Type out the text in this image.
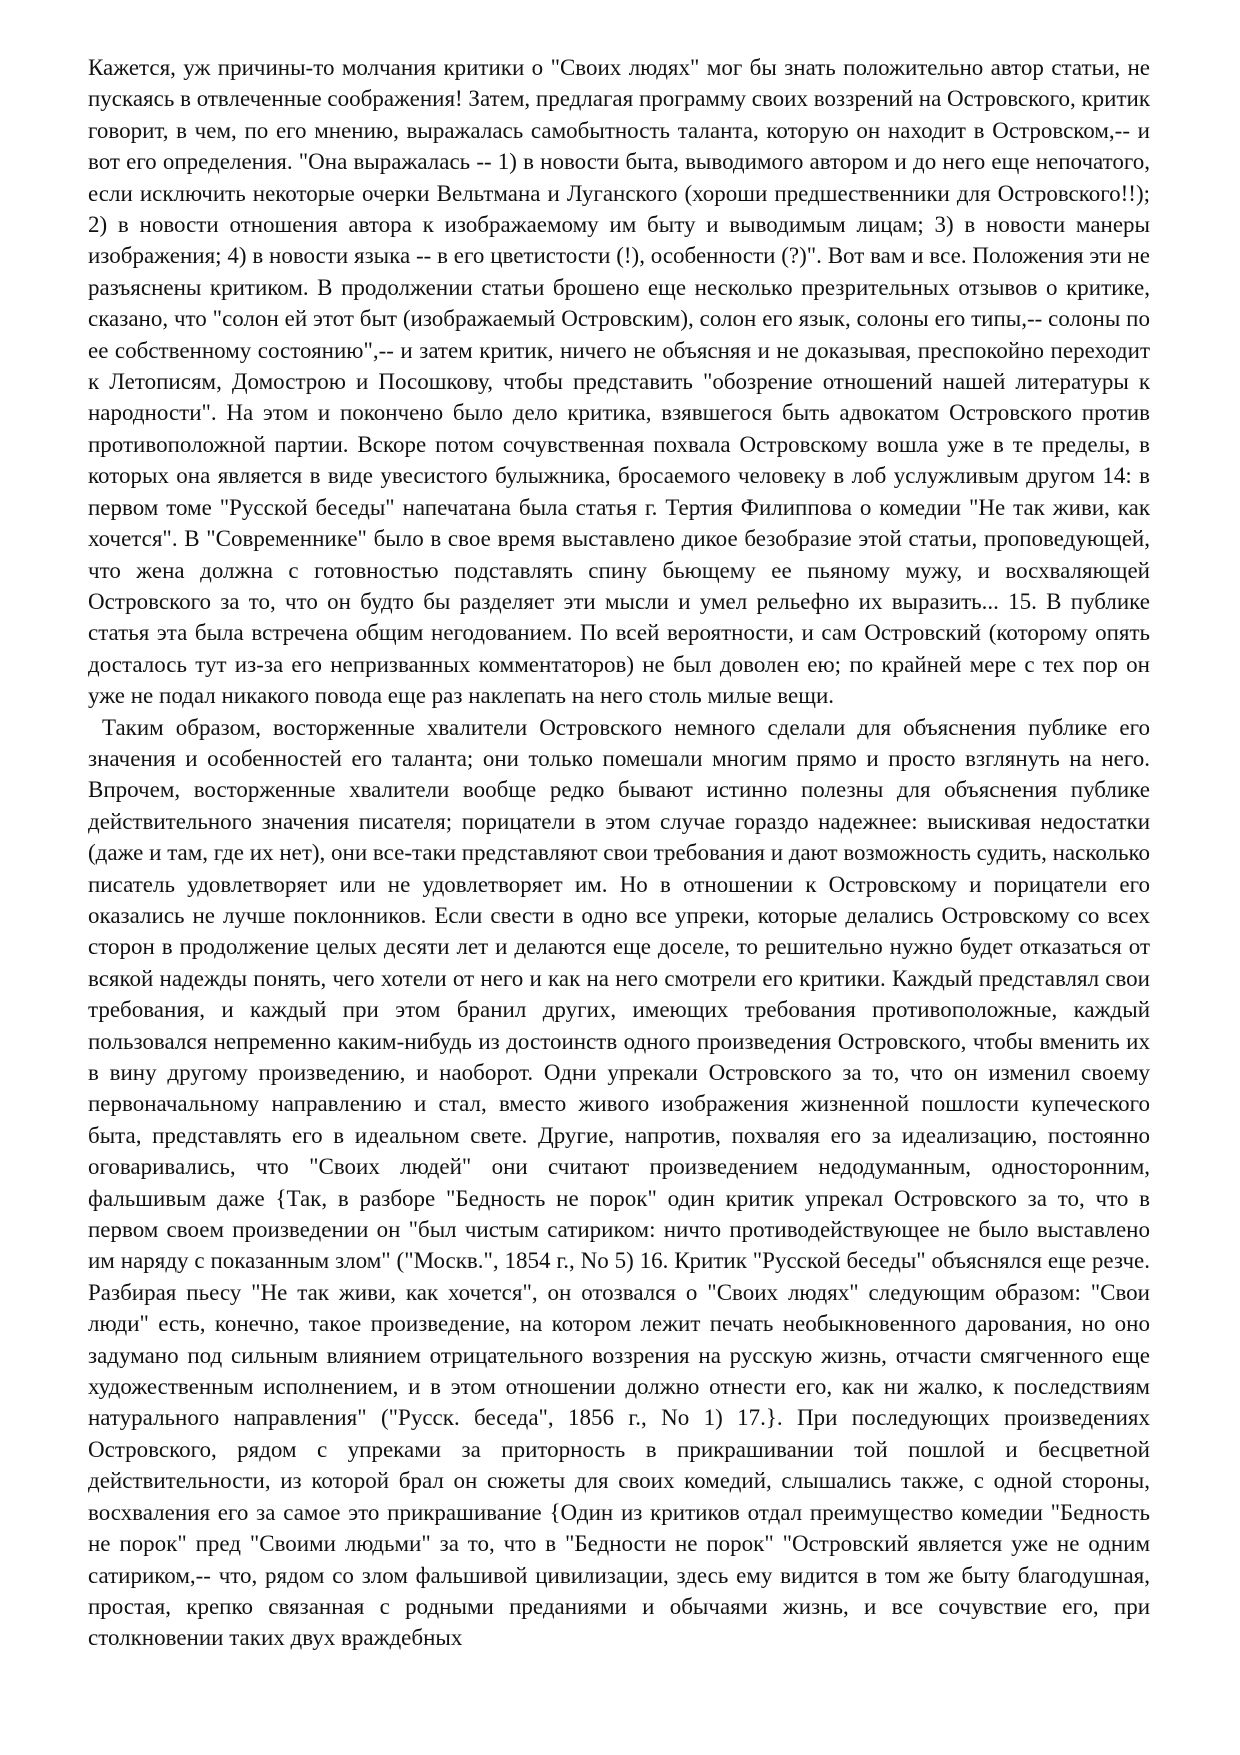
Кажется, уж причины-то молчания критики о "Своих людях" мог бы знать положительно автор статьи, не пускаясь в отвлеченные соображения! Затем, предлагая программу своих воззрений на Островского, критик говорит, в чем, по его мнению, выражалась самобытность таланта, которую он находит в Островском,-- и вот его определения. "Она выражалась -- 1) в новости быта, выводимого автором и до него еще непочатого, если исключить некоторые очерки Вельтмана и Луганского (хороши предшественники для Островского!!); 2) в новости отношения автора к изображаемому им быту и выводимым лицам; 3) в новости манеры изображения; 4) в новости языка -- в его цветистости (!), особенности (?)". Вот вам и все. Положения эти не разъяснены критиком. В продолжении статьи брошено еще несколько презрительных отзывов о критике, сказано, что "солон ей этот быт (изображаемый Островским), солон его язык, солоны его типы,-- солоны по ее собственному состоянию",-- и затем критик, ничего не объясняя и не доказывая, преспокойно переходит к Летописям, Домострою и Посошкову, чтобы представить "обозрение отношений нашей литературы к народности". На этом и покончено было дело критика, взявшегося быть адвокатом Островского против противоположной партии. Вскоре потом сочувственная похвала Островскому вошла уже в те пределы, в которых она является в виде увесистого булыжника, бросаемого человеку в лоб услужливым другом 14: в первом томе "Русской беседы" напечатана была статья г. Тертия Филиппова о комедии "Не так живи, как хочется". В "Современнике" было в свое время выставлено дикое безобразие этой статьи, проповедующей, что жена должна с готовностью подставлять спину бьющему ее пьяному мужу, и восхваляющей Островского за то, что он будто бы разделяет эти мысли и умел рельефно их выразить... 15. В публике статья эта была встречена общим негодованием. По всей вероятности, и сам Островский (которому опять досталось тут из-за его непризванных комментаторов) не был доволен ею; по крайней мере с тех пор он уже не подал никакого повода еще раз наклепать на него столь милые вещи.

Таким образом, восторженные хвалители Островского немного сделали для объяснения публике его значения и особенностей его таланта; они только помешали многим прямо и просто взглянуть на него. Впрочем, восторженные хвалители вообще редко бывают истинно полезны для объяснения публике действительного значения писателя; порицатели в этом случае гораздо надежнее: выискивая недостатки (даже и там, где их нет), они все-таки представляют свои требования и дают возможность судить, насколько писатель удовлетворяет или не удовлетворяет им. Но в отношении к Островскому и порицатели его оказались не лучше поклонников. Если свести в одно все упреки, которые делались Островскому со всех сторон в продолжение целых десяти лет и делаются еще доселе, то решительно нужно будет отказаться от всякой надежды понять, чего хотели от него и как на него смотрели его критики. Каждый представлял свои требования, и каждый при этом бранил других, имеющих требования противоположные, каждый пользовался непременно каким-нибудь из достоинств одного произведения Островского, чтобы вменить их в вину другому произведению, и наоборот. Одни упрекали Островского за то, что он изменил своему первоначальному направлению и стал, вместо живого изображения жизненной пошлости купеческого быта, представлять его в идеальном свете. Другие, напротив, похваляя его за идеализацию, постоянно оговаривались, что "Своих людей" они считают произведением недодуманным, односторонним, фальшивым даже {Так, в разборе "Бедность не порок" один критик упрекал Островского за то, что в первом своем произведении он "был чистым сатириком: ничто противодействующее не было выставлено им наряду с показанным злом" ("Москв.", 1854 г., No 5) 16. Критик "Русской беседы" объяснялся еще резче. Разбирая пьесу "Не так живи, как хочется", он отозвался о "Своих людях" следующим образом: "Свои люди" есть, конечно, такое произведение, на котором лежит печать необыкновенного дарования, но оно задумано под сильным влиянием отрицательного воззрения на русскую жизнь, отчасти смягченного еще художественным исполнением, и в этом отношении должно отнести его, как ни жалко, к последствиям натурального направления" ("Русск. беседа", 1856 г., No 1) 17.}. При последующих произведениях Островского, рядом с упреками за приторность в прикрашивании той пошлой и бесцветной действительности, из которой брал он сюжеты для своих комедий, слышались также, с одной стороны, восхваления его за самое это прикрашивание {Один из критиков отдал преимущество комедии "Бедность не порок" пред "Своими людьми" за то, что в "Бедности не порок" "Островский является уже не одним сатириком,-- что, рядом со злом фальшивой цивилизации, здесь ему видится в том же быту благодушная, простая, крепко связанная с родными преданиями и обычаями жизнь, и все сочувствие его, при столкновении таких двух враждебных
